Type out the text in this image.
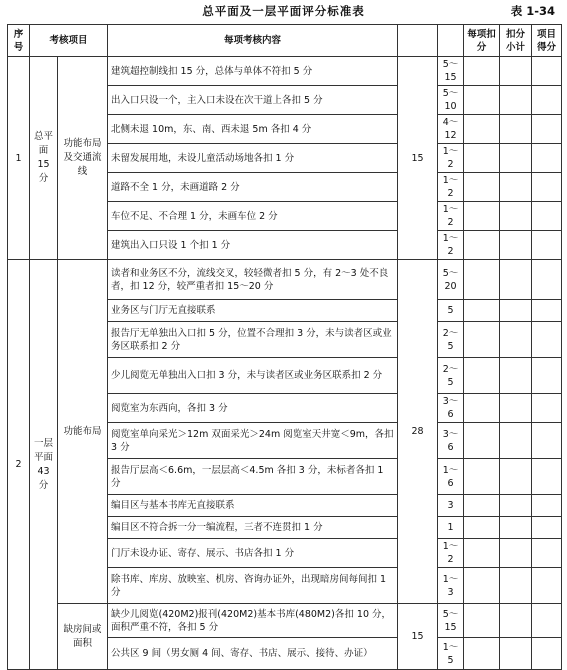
总平面及一层平面评分标准表	表 1-34
序号	考核项目		每项考核内容			每项扣分	扣分小计	项目得分
1	总平面15分	功能布局及交通流线	建筑超控制线扣 15 分，总体与单体不符扣 5 分	15	5～15			
			出入口只设一个，主入口未设在次干道上各扣 5 分		5～10			
			北侧未退 10m，东、南、西未退 5m 各扣 4 分		4～12			
			未留发展用地，未设儿童活动场地各扣 1 分		1～2			
			道路不全 1 分，未画道路 2 分		1～2			
			车位不足、不合理 1 分，未画车位 2 分		1～2			
			建筑出入口只设 1 个扣 1 分		1～2			
2	一层平面43分	功能布局	读者和业务区不分，流线交叉，较轻微者扣 5 分，有 2～3 处不良者，扣 12 分，较严重者扣 15～20 分	28	5～20			
			业务区与门厅无直接联系		5			
			报告厅无单独出入口扣 5 分，位置不合理扣 3 分，未与读者区或业务区联系扣 2 分		2～5			
			少儿阅览无单独出入口扣 3 分，未与读者区或业务区联系扣 2 分		2～5			
			阅览室为东西向，各扣 3 分		3～6			
			阅览室单向采光＞12m 双面采光＞24m 阅览室天井宽＜9m，各扣 3 分		3～6			
			报告厅层高＜6.6m，一层层高＜4.5m 各扣 3 分，未标者各扣 1 分		1～6			
			编目区与基本书库无直接联系		3			
			编目区不符合拆一分一编流程，三者不连贯扣 1 分		1			
			门厅未设办证、寄存、展示、书店各扣 1 分		1～2			
			除书库、库房、放映室、机房、咨询办证外，出现暗房间每间扣 1 分		1～3			
		缺房间或面积	缺少儿阅览(420M2)报刊(420M2)基本书库(480M2)各扣 10 分，面积严重不符，各扣 5 分	15	5～15			
			公共区 9 间（男女厕 4 间、寄存、书店、展示、接待、办证）		1～5			
